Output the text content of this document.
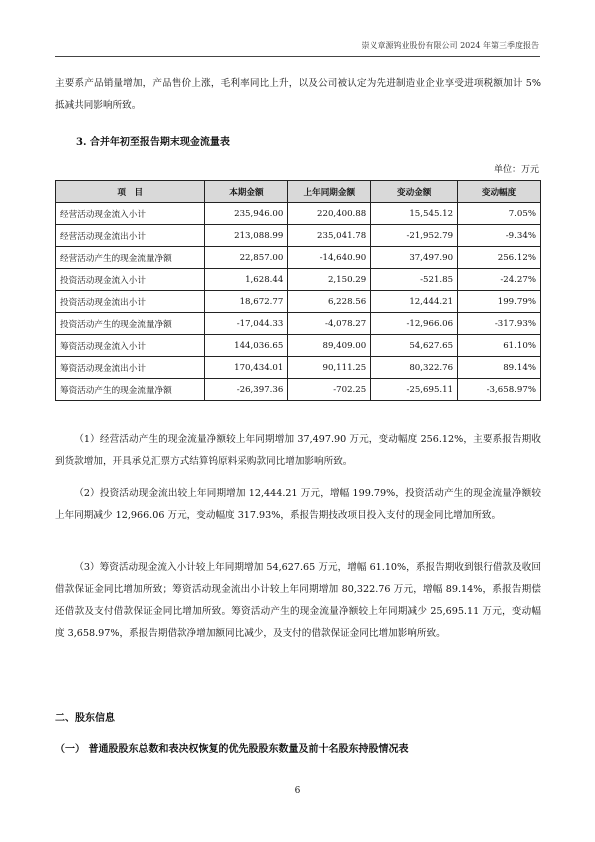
崇义章源钨业股份有限公司 2024 年第三季度报告

主要系产品销量增加，产品售价上涨，毛利率同比上升，以及公司被认定为先进制造业企业享受进项税额加计 5%抵减共同影响所致。

3. 合并年初至报告期末现金流量表
单位：万元
项　目	本期金额	上年同期金额	变动金额	变动幅度
经营活动现金流入小计	235,946.00	220,400.88	15,545.12	7.05%
经营活动现金流出小计	213,088.99	235,041.78	-21,952.79	-9.34%
经营活动产生的现金流量净额	22,857.00	-14,640.90	37,497.90	256.12%
投资活动现金流入小计	1,628.44	2,150.29	-521.85	-24.27%
投资活动现金流出小计	18,672.77	6,228.56	12,444.21	199.79%
投资活动产生的现金流量净额	-17,044.33	-4,078.27	-12,966.06	-317.93%
筹资活动现金流入小计	144,036.65	89,409.00	54,627.65	61.10%
筹资活动现金流出小计	170,434.01	90,111.25	80,322.76	89.14%
筹资活动产生的现金流量净额	-26,397.36	-702.25	-25,695.11	-3,658.97%

（1）经营活动产生的现金流量净额较上年同期增加 37,497.90 万元，变动幅度 256.12%，主要系报告期收到货款增加，开具承兑汇票方式结算钨原料采购款同比增加影响所致。

（2）投资活动现金流出较上年同期增加 12,444.21 万元，增幅 199.79%，投资活动产生的现金流量净额较上年同期减少 12,966.06 万元，变动幅度 317.93%，系报告期技改项目投入支付的现金同比增加所致。

（3）筹资活动现金流入小计较上年同期增加 54,627.65 万元，增幅 61.10%，系报告期收到银行借款及收回借款保证金同比增加所致；筹资活动现金流出小计较上年同期增加 80,322.76 万元，增幅 89.14%，系报告期偿还借款及支付借款保证金同比增加所致。筹资活动产生的现金流量净额较上年同期减少 25,695.11 万元，变动幅度 3,658.97%，系报告期借款净增加额同比减少，及支付的借款保证金同比增加影响所致。

二、股东信息
（一） 普通股股东总数和表决权恢复的优先股股东数量及前十名股东持股情况表
6
